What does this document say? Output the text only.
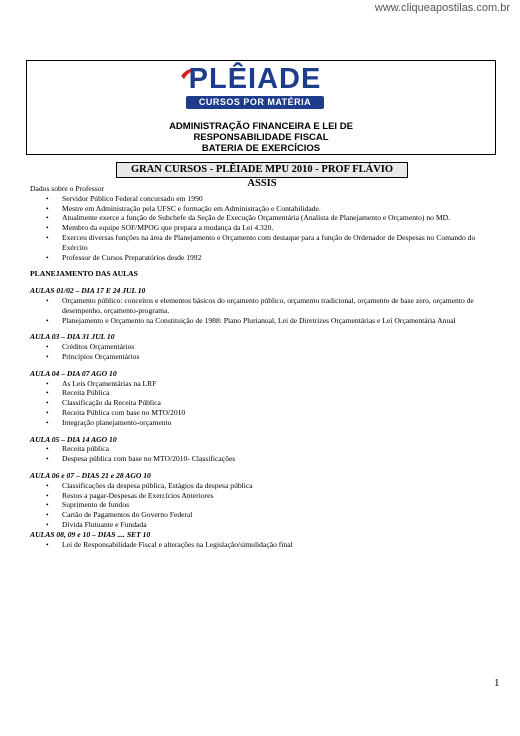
www.cliqueapostilas.com.br
PLÊIADE
CURSOS POR MATÉRIA
ADMINISTRAÇÃO FINANCEIRA E LEI DE
RESPONSABILIDADE FISCAL
BATERIA DE EXERCÍCIOS
GRAN CURSOS - PLÊIADE MPU 2010 - PROF FLÁVIO ASSIS

Dados sobre o Professor

• Servidor Público Federal concursado em 1990
• Mestre em Administração pela UFSC e formação em Administração e Contabilidade.
• Atualmente exerce a função de Subchefe da Seção de Execução Orçamentária (Analista de Planejamento e Orçamento) no MD.
• Membro da equipe SOF/MPOG que prepara a mudança da Lei 4.320.
• Exerceu diversas funções na área de Planejamento e Orçamento com destaque para a função de Ordenador de Despesas no Comando do Exército
• Professor de Cursos Preparatórios desde 1992

PLANEJAMENTO DAS AULAS

AULAS 01/02 – DIA 17 E 24 JUL 10

• Orçamento público: conceitos e elementos básicos do orçamento público, orçamento tradicional, orçamento de base zero, orçamento de desempenho, orçamento-programa.
• Planejamento e Orçamento na Constituição de 1988: Plano Plurianual, Lei de Diretrizes Orçamentárias e Lei Orçamentária Anual

AULA 03 – DIA 31 JUL 10

• Créditos Orçamentários
• Princípios Orçamentários

AULA 04 – DIA 07 AGO 10

• As Leis Orçamentárias na LRF
• Receita Pública
• Classificação da Receita Pública
• Receita Pública com base no MTO/2010
• Integração planejamento-orçamento

AULA 05 – DIA 14 AGO 10

• Receita pública
• Despesa pública com base no MTO/2010- Classificações

AULA 06 e 07 – DIAS 21 e 28 AGO 10

• Classificações da despesa pública, Estágios da despesa pública
• Restos a pagar-Despesas de Exercícios Anteriores
• Suprimento de fundos
• Cartão de Pagamentos do Governo Federal
• Dívida Flutuante e Fundada

AULAS 08, 09 e 10 – DIAS .... SET 10

• Lei de Responsabilidade Fiscal e alterações na Legislação/simulidação final
1
